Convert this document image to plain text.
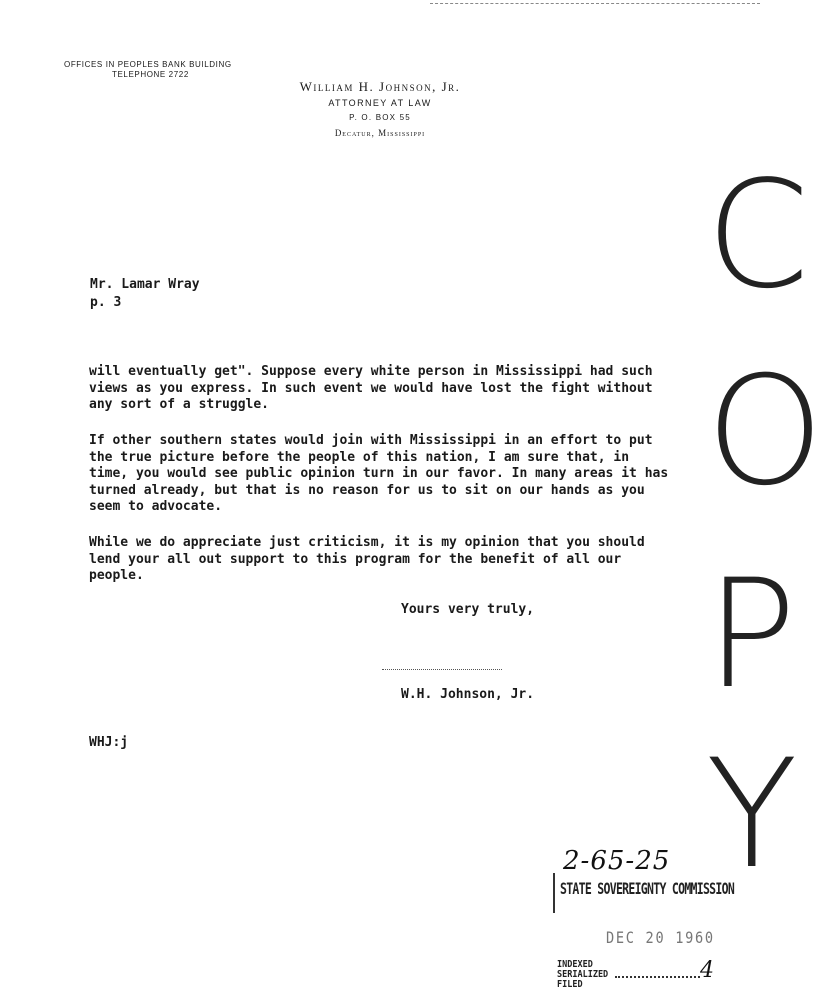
OFFICES IN PEOPLES BANK BUILDING
TELEPHONE 2722
William H. Johnson, Jr.
ATTORNEY AT LAW
P. O. BOX 55
Decatur, Mississippi
Mr. Lamar Wray
p. 3

will eventually get". Suppose every white person in Mississippi had such views as you express. In such event we would have lost the fight without any sort of a struggle.

If other southern states would join with Mississippi in an effort to put the true picture before the people of this nation, I am sure that, in time, you would see public opinion turn in our favor. In many areas it has turned already, but that is no reason for us to sit on our hands as you seem to advocate.

While we do appreciate just criticism, it is my opinion that you should lend your all out support to this program for the benefit of all our people.

Yours very truly,
W.H. Johnson, Jr.
WHJ:j
C
O
P
Y
2-65-25
STATE SOVEREIGNTY COMMISSION
DEC 20 1960
INDEXED
SERIALIZED
FILED
4
